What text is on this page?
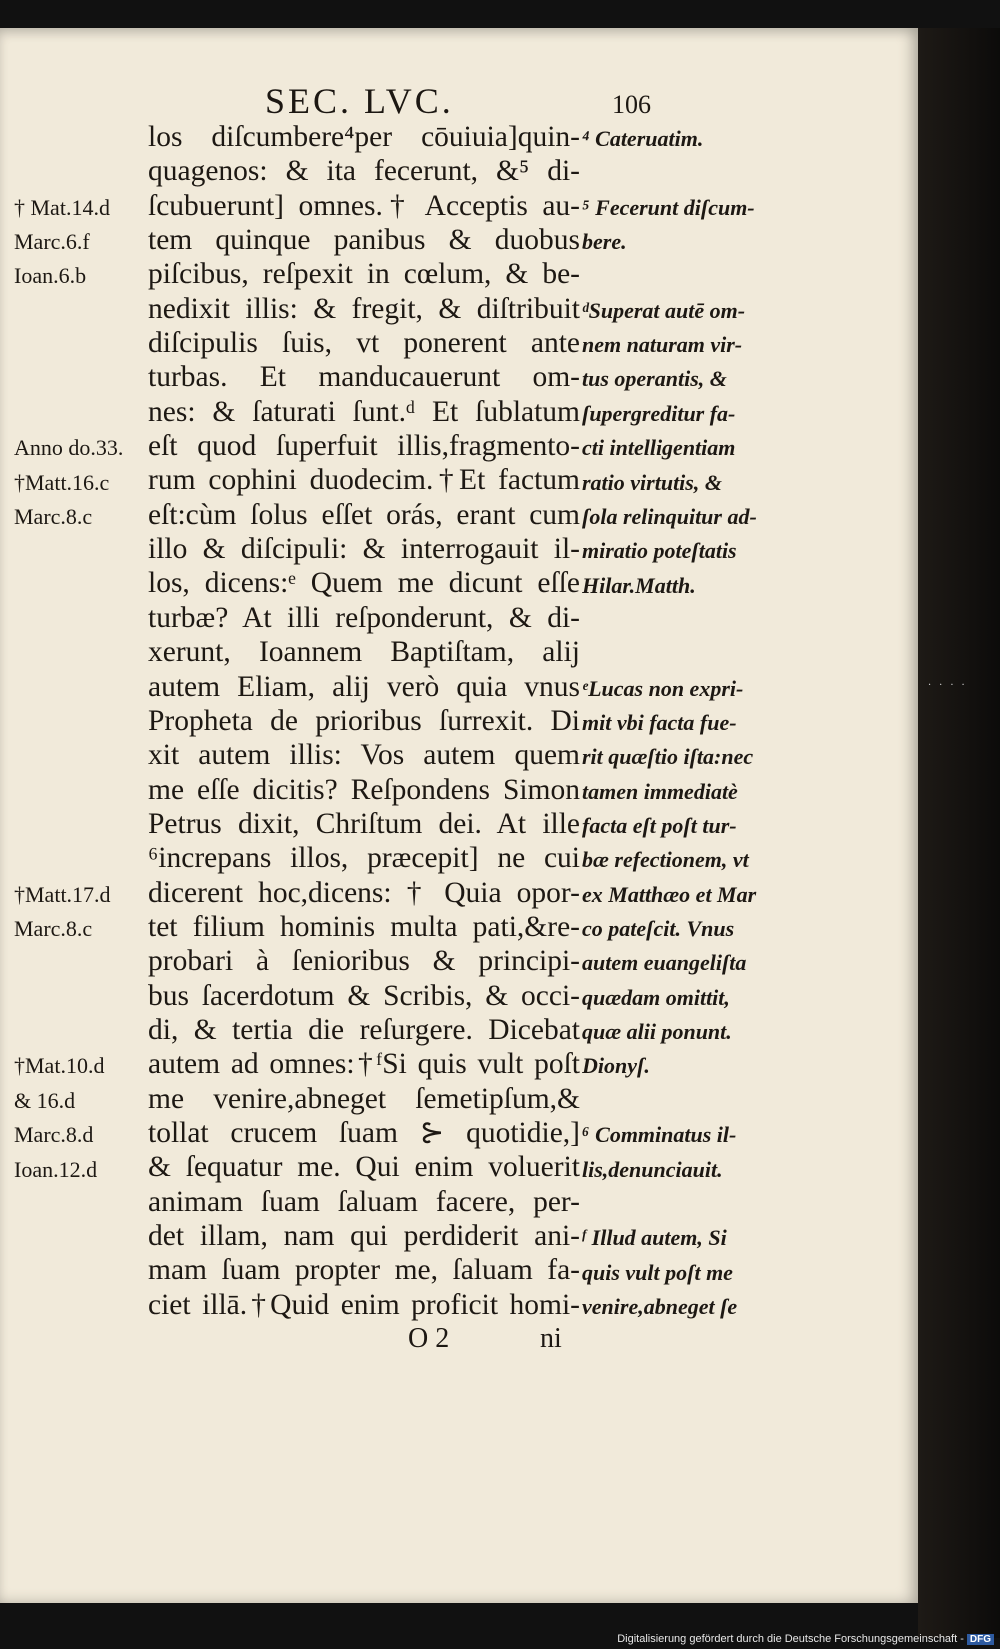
····
SEC. LVC.	106
los diſcumbere⁴per cōuiuia]quin-
quagenos: & ita fecerunt, &⁵ di-
ſcubuerunt] omnes.† Acceptis au-
tem quinque panibus & duobus
piſcibus, reſpexit in cœlum, & be-
nedixit illis: & fregit, & diſtribuit
diſcipulis ſuis, vt ponerent ante
turbas. Et manducauerunt om-
nes: & ſaturati ſunt.ᵈ Et ſublatum
eſt quod ſuperfuit illis,fragmento-
rum cophini duodecim.†Et factum
eſt:cùm ſolus eſſet orás, erant cum
illo & diſcipuli: & interrogauit il-
los, dicens:ᵉ Quem me dicunt eſſe
turbæ? At illi reſponderunt, & di-
xerunt, Ioannem Baptiſtam, alij
autem Eliam, alij verò quia vnus
Propheta de prioribus ſurrexit. Di
xit autem illis: Vos autem quem
me eſſe dicitis? Reſpondens Simon
Petrus dixit, Chriſtum dei. At ille
⁶increpans illos, præcepit] ne cui
dicerent hoc,dicens: † Quia opor-
tet filium hominis multa pati,&re-
probari à ſenioribus & principi-
bus ſacerdotum & Scribis, & occi-
di, & tertia die reſurgere. Dicebat
autem ad omnes:†ᶠSi quis vult poſt
me venire,abneget ſemetipſum,&
tollat crucem ſuam ⊱ quotidie,]
& ſequatur me. Qui enim voluerit
animam ſuam ſaluam facere, per-
det illam, nam qui perdiderit ani-
mam ſuam propter me, ſaluam fa-
ciet illā.†Quid enim proficit homi-
† Mat.14.d
Marc.6.f
Ioan.6.b
Anno do.33.
†Matt.16.c
Marc.8.c
†Matt.17.d
Marc.8.c
†Mat.10.d
& 16.d
Marc.8.d
Ioan.12.d
⁴ Cateruatim.
⁵ Fecerunt diſcum-
bere.
ᵈSuperat autē om-
nem naturam vir-
tus operantis, &
ſupergreditur fa-
cti intelligentiam
ratio virtutis, &
ſola relinquitur ad-
miratio poteſtatis
Hilar.Matth.
ᵉLucas non expri-
mit vbi facta fue-
rit quæſtio iſta:nec
tamen immediatè
facta eſt poſt tur-
bæ refectionem, vt
ex Matthæo et Mar
co pateſcit. Vnus
autem euangeliſta
quædam omittit,
quæ alii ponunt.
Dionyſ.
⁶ Comminatus il-
lis,denunciauit.
ᶠ Illud autem, Si
quis vult poſt me
venire,abneget ſe
O 2	ni
Digitalisierung gefördert durch die Deutsche Forschungsgemeinschaft - DFG
